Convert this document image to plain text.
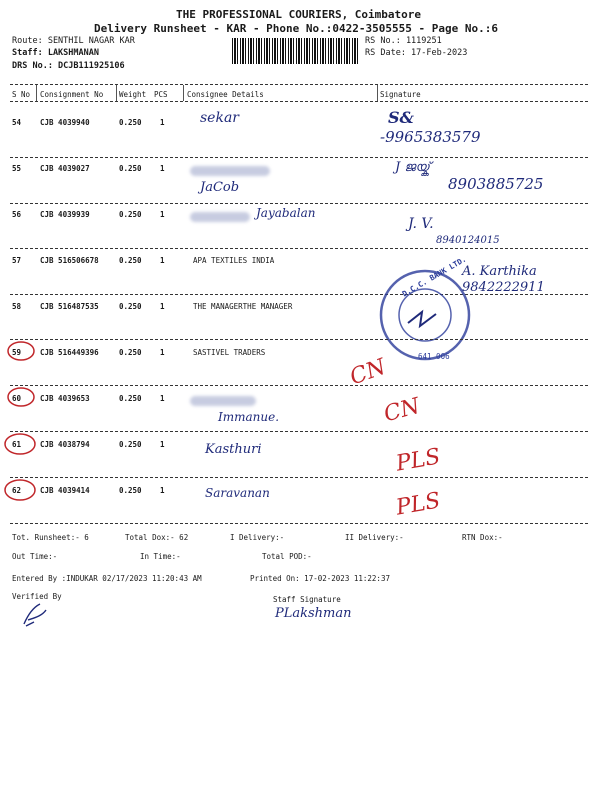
THE PROFESSIONAL COURIERS, Coimbatore
Delivery Runsheet - KAR - Phone No.:0422-3505555 - Page No.:6
Route: SENTHIL NAGAR KAR
Staff: LAKSHMANAN
DRS No.: DCJB111925106
RS No.: 1119251
RS Date: 17-Feb-2023
S No Consignment No Weight PCS	Consignee Details	Signature
54	CJB 4039940	0.250 1	sekar	S&
-9965383579
55	CJB 4039027	0.250 1
JaCob
J ജയ്ക്
8903885725
56	CJB 4039939	0.250 1	Jayabalan
J. V.
8940124015
57	CJB 516506678	0.250 1	APA TEXTILES INDIA
A. Karthika 9842222911
58	CJB 516487535	0.250 1	THE MANAGERTHE MANAGER
D.C.C. BANK LTD.
641 006
59	CJB 516449396	0.250 1	SASTIVEL TRADERS
CN
60	CJB 4039653	0.250 1
Immanue.	CN
61	CJB 4038794	0.250 1	Kasthuri	PLS
62	CJB 4039414	0.250 1	Saravanan	PLS
Tot. Runsheet:- 6	Total Dox:- 62	I Delivery:-	II Delivery:-	RTN Dox:-
Out Time:-	In Time:-	Total POD:-
Entered By :INDUKAR 02/17/2023 11:20:43 AM	Printed On: 17-02-2023 11:22:37
Verified By	Staff Signature
PLakshman
